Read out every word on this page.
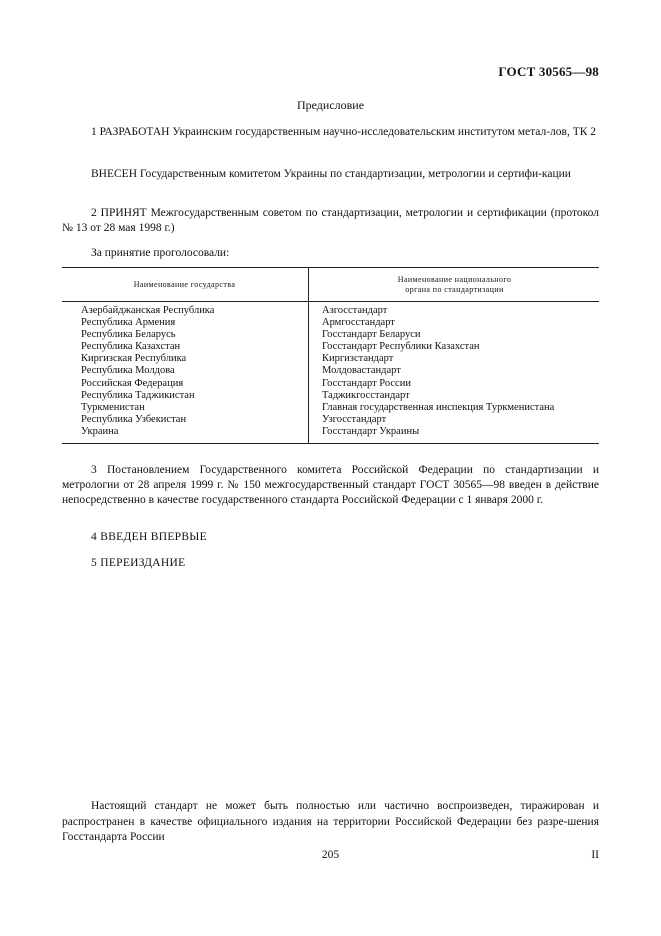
ГОСТ 30565—98
Предисловие
1 РАЗРАБОТАН Украинским государственным научно-исследовательским институтом метал-лов, ТК 2
ВНЕСЕН Государственным комитетом Украины по стандартизации, метрологии и сертифи-кации
2 ПРИНЯТ Межгосударственным советом по стандартизации, метрологии и сертификации (протокол № 13 от 28 мая 1998 г.)
За принятие проголосовали:
Наименование государства
Наименование национального
органа по стандартизации
Азербайджанская Республика
Республика Армения
Республика Беларусь
Республика Казахстан
Киргизская Республика
Республика Молдова
Российская Федерация
Республика Таджикистан
Туркменистан
Республика Узбекистан
Украина
Азгосстандарт
Армгосстандарт
Госстандарт Беларуси
Госстандарт Республики Казахстан
Киргизстандарт
Молдовастандарт
Госстандарт России
Таджикгосстандарт
Главная государственная инспекция Туркменистана
Узгосстандарт
Госстандарт Украины
3 Постановлением Государственного комитета Российской Федерации по стандартизации и метрологии от 28 апреля 1999 г. № 150 межгосударственный стандарт ГОСТ 30565—98 введен в действие непосредственно в качестве государственного стандарта Российской Федерации с 1 января 2000 г.
4 ВВЕДЕН ВПЕРВЫЕ
5 ПЕРЕИЗДАНИЕ
Настоящий стандарт не может быть полностью или частично воспроизведен, тиражирован и распространен в качестве официального издания на территории Российской Федерации без разре-шения Госстандарта России
205	II
